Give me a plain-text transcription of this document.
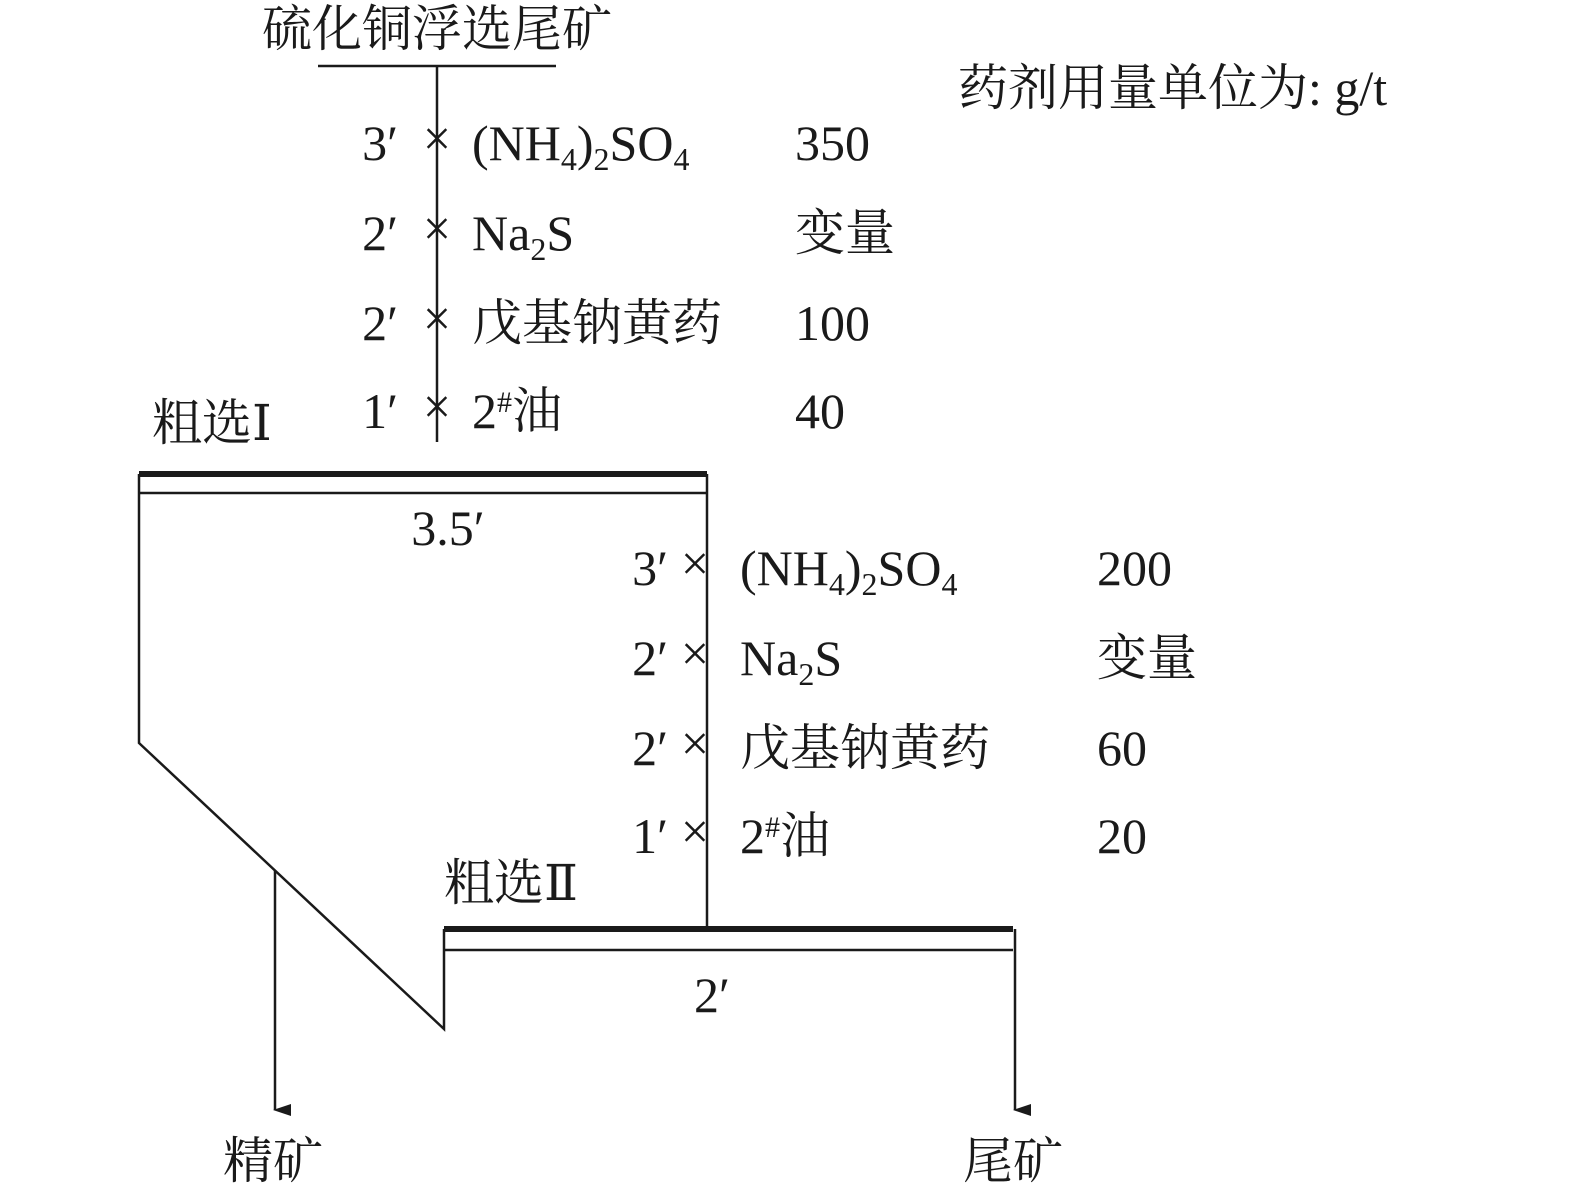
硫化铜浮选尾矿
药剂用量单位为: g/t
$3' \times (NH_4)_2SO_4$ 350
$2' \times Na_2S$	变量
2′ × 戊基钠黄药 100
1′ × 2#油	40
粗选Ⅰ
3.5′
$3' \times (NH_4)_2SO_4$	200
$2' \times Na_2S$	变量
2′ × 戊基钠黄药 60
1′ × 2#油	20
粗选Ⅱ
2′
精矿	尾矿
